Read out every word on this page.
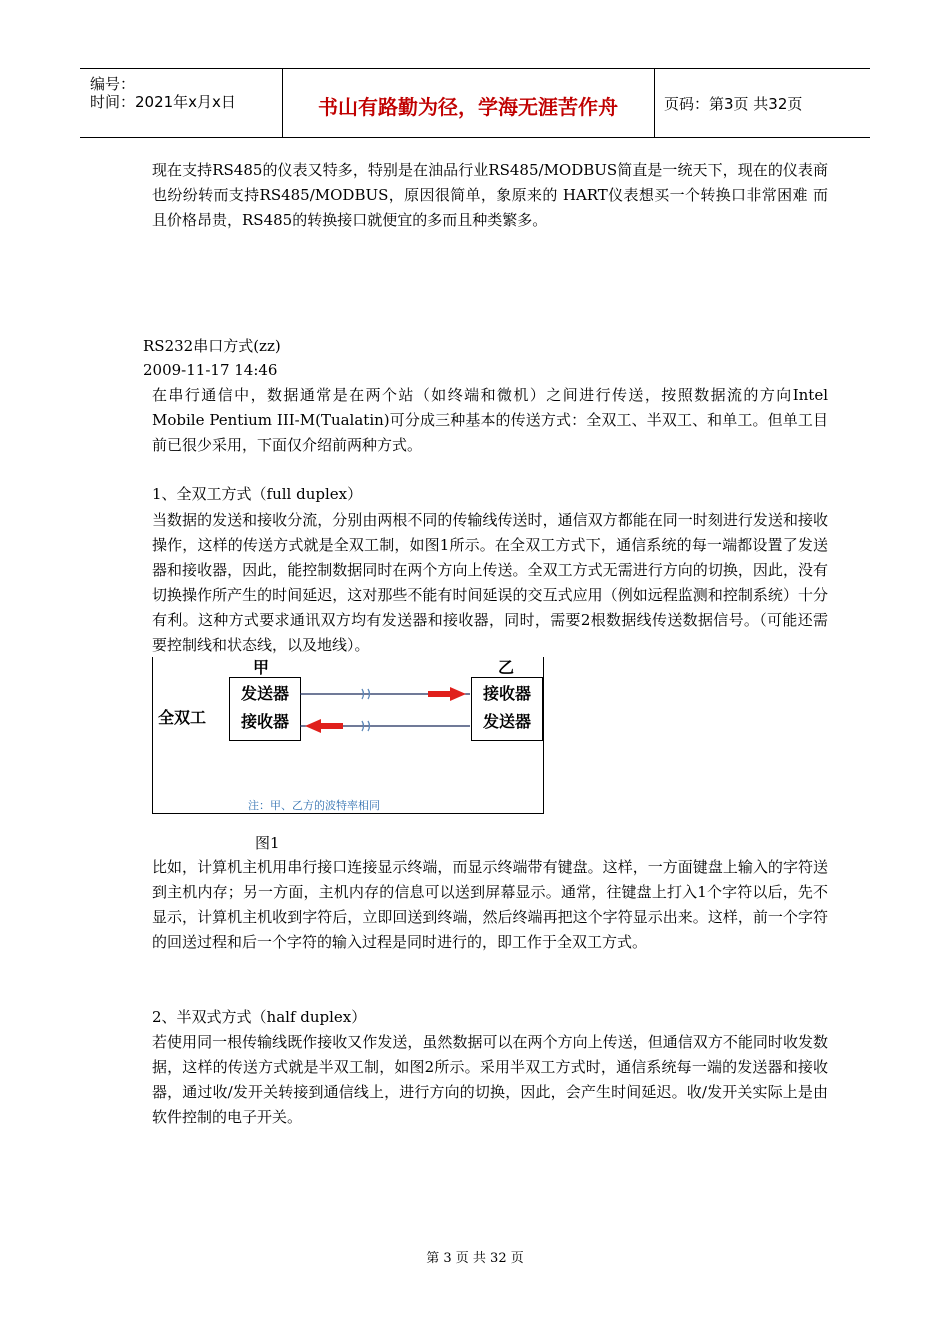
编号：
时间：2021年x月x日	书山有路勤为径，学海无涯苦作舟	页码：第3页 共32页

现在支持RS485的仪表又特多，特别是在油品行业RS485/MODBUS简直是一统天下，现在的仪表商也纷纷转而支持RS485/MODBUS，原因很简单，象原来的 HART仪表想买一个转换口非常困难 而且价格昂贵，RS485的转换接口就便宜的多而且种类繁多。

RS232串口方式(zz)
2009-11-17 14:46

在串行通信中，数据通常是在两个站（如终端和微机）之间进行传送，按照数据流的方向Intel Mobile Pentium III-M(Tualatin)可分成三种基本的传送方式：全双工、半双工、和单工。但单工目前已很少采用，下面仅介绍前两种方式。

1、全双工方式（full duplex）

当数据的发送和接收分流，分别由两根不同的传输线传送时，通信双方都能在同一时刻进行发送和接收操作，这样的传送方式就是全双工制，如图1所示。在全双工方式下，通信系统的每一端都设置了发送器和接收器，因此，能控制数据同时在两个方向上传送。全双工方式无需进行方向的切换，因此，没有切换操作所产生的时间延迟，这对那些不能有时间延误的交互式应用（例如远程监测和控制系统）十分有利。这种方式要求通讯双方均有发送器和接收器，同时，需要2根数据线传送数据信号。（可能还需要控制线和状态线，以及地线）。

甲	乙
全双工
发送器
接收器
接收器
发送器
注：甲、乙方的波特率相同
图1

比如，计算机主机用串行接口连接显示终端，而显示终端带有键盘。这样，一方面键盘上输入的字符送到主机内存；另一方面，主机内存的信息可以送到屏幕显示。通常，往键盘上打入1个字符以后，先不显示，计算机主机收到字符后，立即回送到终端，然后终端再把这个字符显示出来。这样，前一个字符的回送过程和后一个字符的输入过程是同时进行的，即工作于全双工方式。

2、半双式方式（half duplex）

若使用同一根传输线既作接收又作发送，虽然数据可以在两个方向上传送，但通信双方不能同时收发数据，这样的传送方式就是半双工制，如图2所示。采用半双工方式时，通信系统每一端的发送器和接收器，通过收/发开关转接到通信线上，进行方向的切换，因此，会产生时间延迟。收/发开关实际上是由软件控制的电子开关。

第 3 页 共 32 页
